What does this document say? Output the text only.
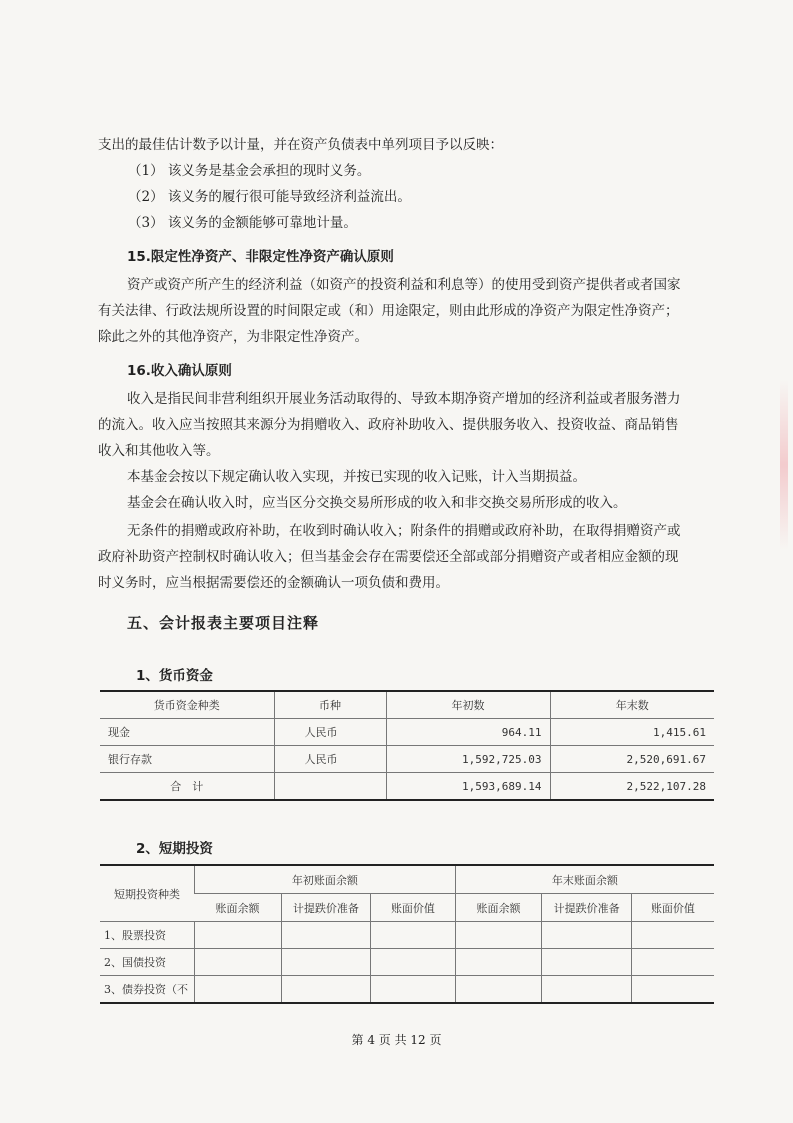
支出的最佳估计数予以计量，并在资产负债表中单列项目予以反映：
（1） 该义务是基金会承担的现时义务。
（2） 该义务的履行很可能导致经济利益流出。
（3） 该义务的金额能够可靠地计量。
15.限定性净资产、非限定性净资产确认原则
资产或资产所产生的经济利益（如资产的投资利益和利息等）的使用受到资产提供者或者国家
有关法律、行政法规所设置的时间限定或（和）用途限定，则由此形成的净资产为限定性净资产；
除此之外的其他净资产，为非限定性净资产。
16.收入确认原则
收入是指民间非营利组织开展业务活动取得的、导致本期净资产增加的经济利益或者服务潜力
的流入。收入应当按照其来源分为捐赠收入、政府补助收入、提供服务收入、投资收益、商品销售
收入和其他收入等。
本基金会按以下规定确认收入实现，并按已实现的收入记账，计入当期损益。
基金会在确认收入时，应当区分交换交易所形成的收入和非交换交易所形成的收入。
无条件的捐赠或政府补助，在收到时确认收入；附条件的捐赠或政府补助，在取得捐赠资产或
政府补助资产控制权时确认收入；但当基金会存在需要偿还全部或部分捐赠资产或者相应金额的现
时义务时，应当根据需要偿还的金额确认一项负债和费用。
五、会计报表主要项目注释
1、货币资金
货币资金种类	币种	年初数	年末数
现金	人民币	964.11	1,415.61
银行存款	人民币	1,592,725.03	2,520,691.67
合　计		1,593,689.14	2,522,107.28
2、短期投资
短期投资种类	年初账面余额			年末账面余额		
	账面余额	计提跌价准备	账面价值	账面余额	计提跌价准备	账面价值
1、股票投资						
2、国债投资						
3、债券投资（不						
第 4 页 共 12 页
